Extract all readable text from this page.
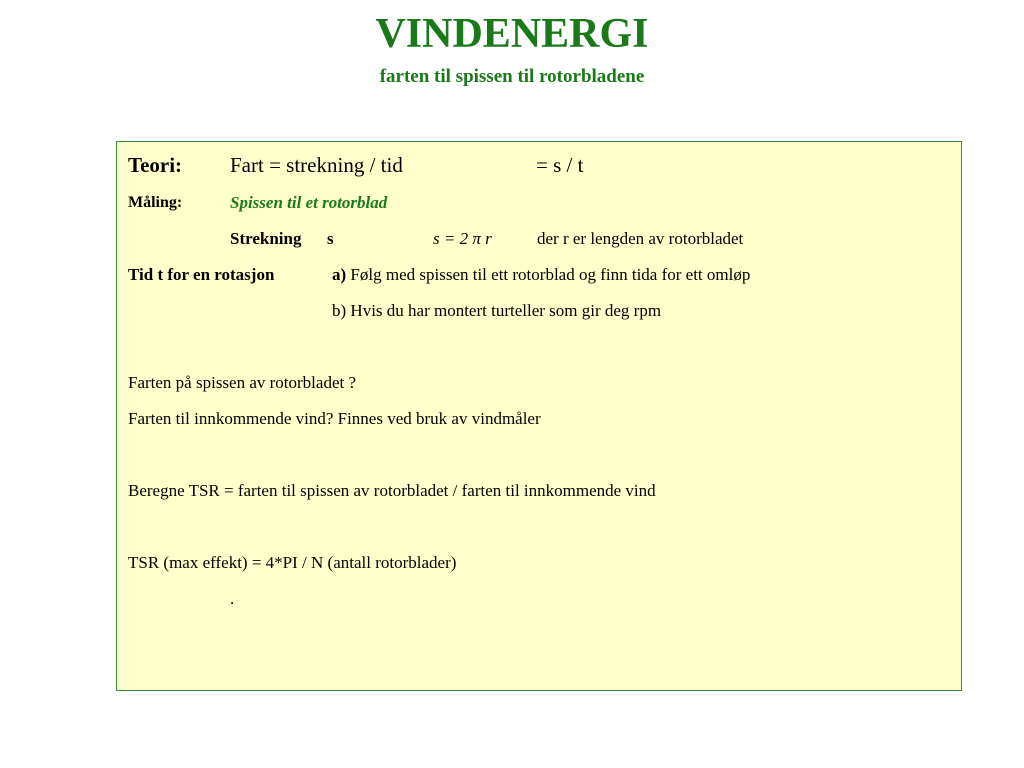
VINDENERGI
farten til spissen til rotorbladene
Teori: Fart = strekning / tid	= s / t
Måling:	Spissen til et rotorblad
Strekning s	s = 2 π r	der r er lengden av rotorbladet
Tid t for en rotasjon	a) Følg med spissen til ett rotorblad og finn tida for ett omløp
b) Hvis du har montert turteller som gir deg rpm
Farten på spissen av rotorbladet ?
Farten til innkommende vind? Finnes ved bruk av vindmåler
Beregne TSR = farten til spissen av rotorbladet / farten til innkommende vind
TSR (max effekt) = 4*PI / N (antall rotorblader)
.
